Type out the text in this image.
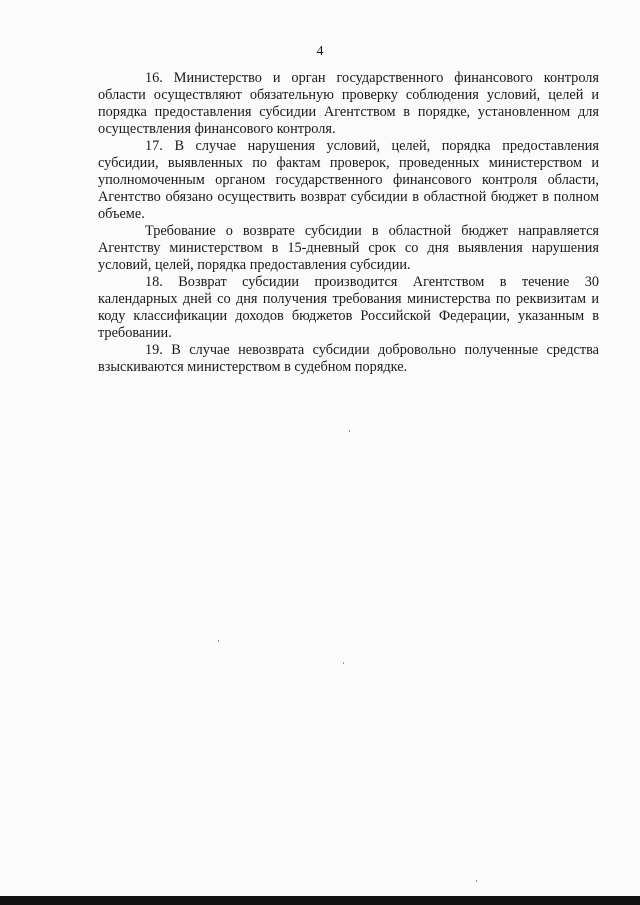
4

16. Министерство и орган государственного финансового контроля области осуществляют обязательную проверку соблюдения условий, целей и порядка предоставления субсидии Агентством в порядке, установленном для осуществления финансового контроля.

17. В случае нарушения условий, целей, порядка предоставления субсидии, выявленных по фактам проверок, проведенных министерством и уполномоченным органом государственного финансового контроля области, Агентство обязано осуществить возврат субсидии в областной бюджет в полном объеме.

Требование о возврате субсидии в областной бюджет направляется Агентству министерством в 15-дневный срок со дня выявления нарушения условий, целей, порядка предоставления субсидии.

18. Возврат субсидии производится Агентством в течение 30 календарных дней со дня получения требования министерства по реквизитам и коду классификации доходов бюджетов Российской Федерации, указанным в требовании.

19. В случае невозврата субсидии добровольно полученные средства взыскиваются министерством в судебном порядке.
